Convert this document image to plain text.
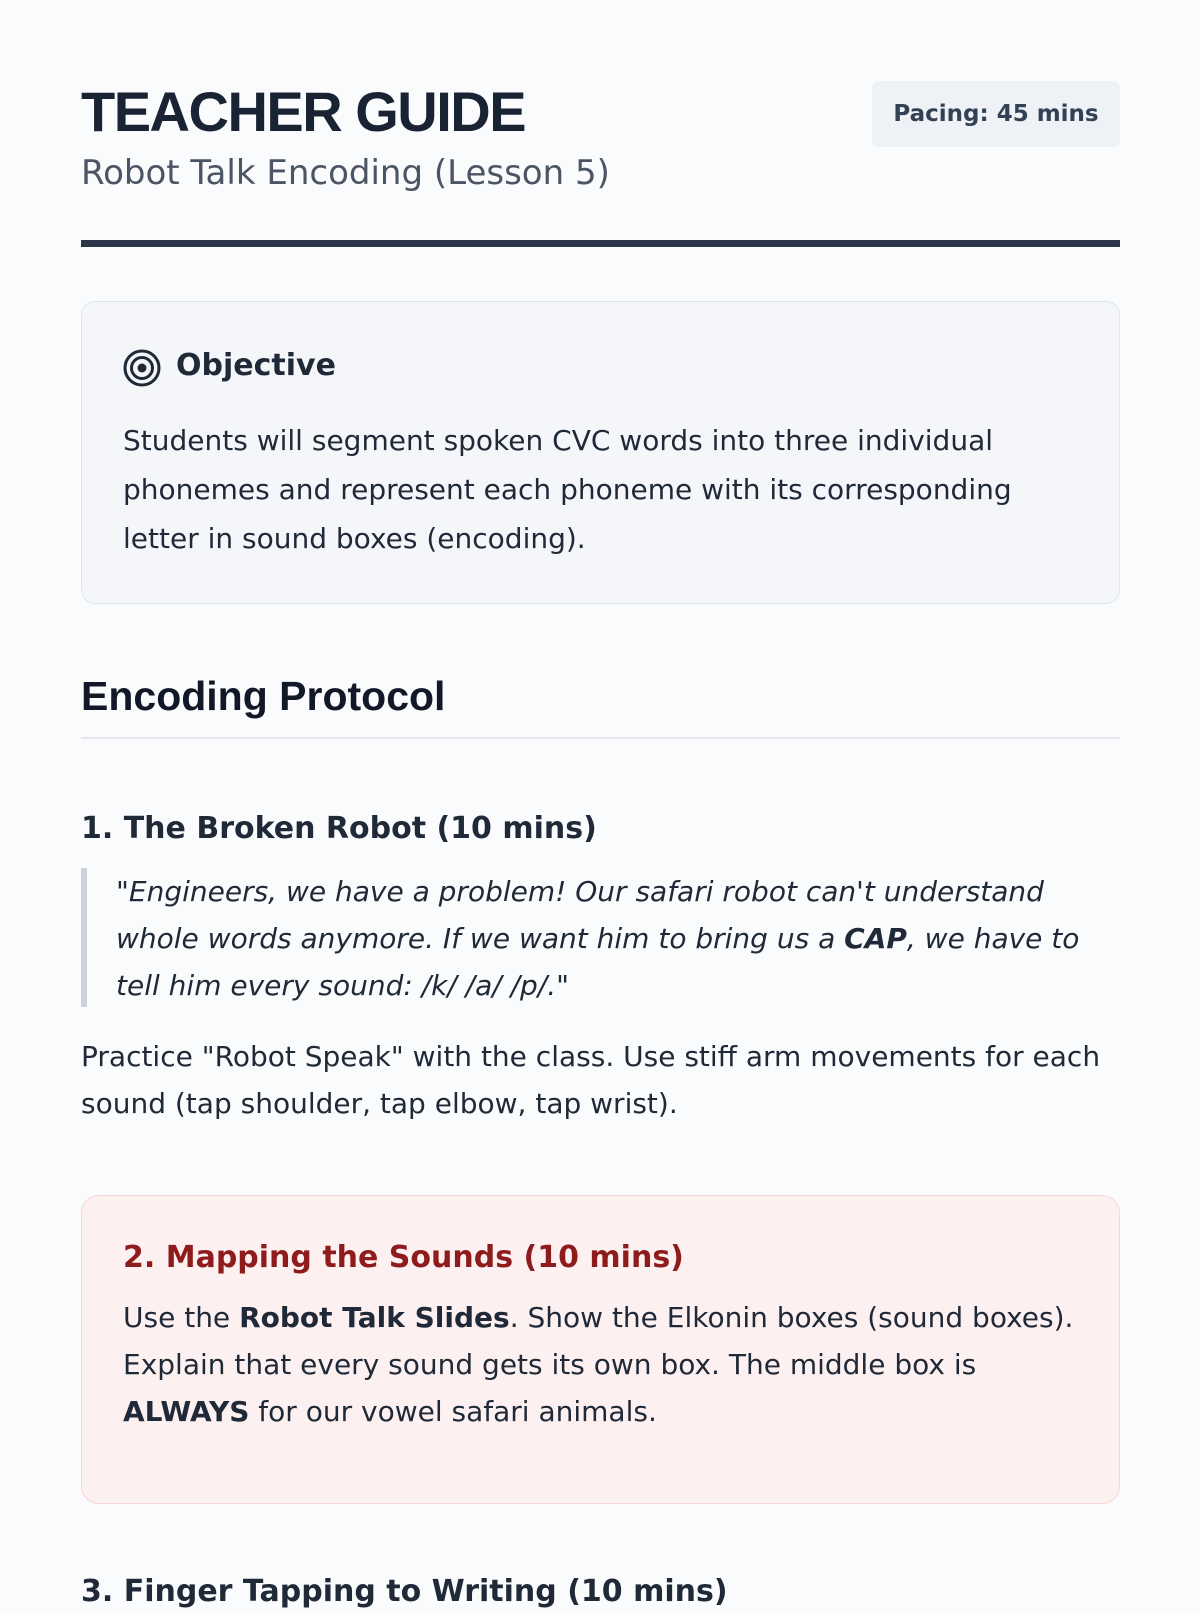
TEACHER GUIDE
Robot Talk Encoding (Lesson 5)
Pacing: 45 mins
Objective

Students will segment spoken CVC words into three individual phonemes and represent each phoneme with its corresponding letter in sound boxes (encoding).

Encoding Protocol
1. The Broken Robot (10 mins)

"Engineers, we have a problem! Our safari robot can't understand whole words anymore. If we want him to bring us a CAP, we have to tell him every sound: /k/ /a/ /p/."

Practice "Robot Speak" with the class. Use stiff arm movements for each sound (tap shoulder, tap elbow, tap wrist).

2. Mapping the Sounds (10 mins)

Use the Robot Talk Slides. Show the Elkonin boxes (sound boxes). Explain that every sound gets its own box. The middle box is ALWAYS for our vowel safari animals.

3. Finger Tapping to Writing (10 mins)
